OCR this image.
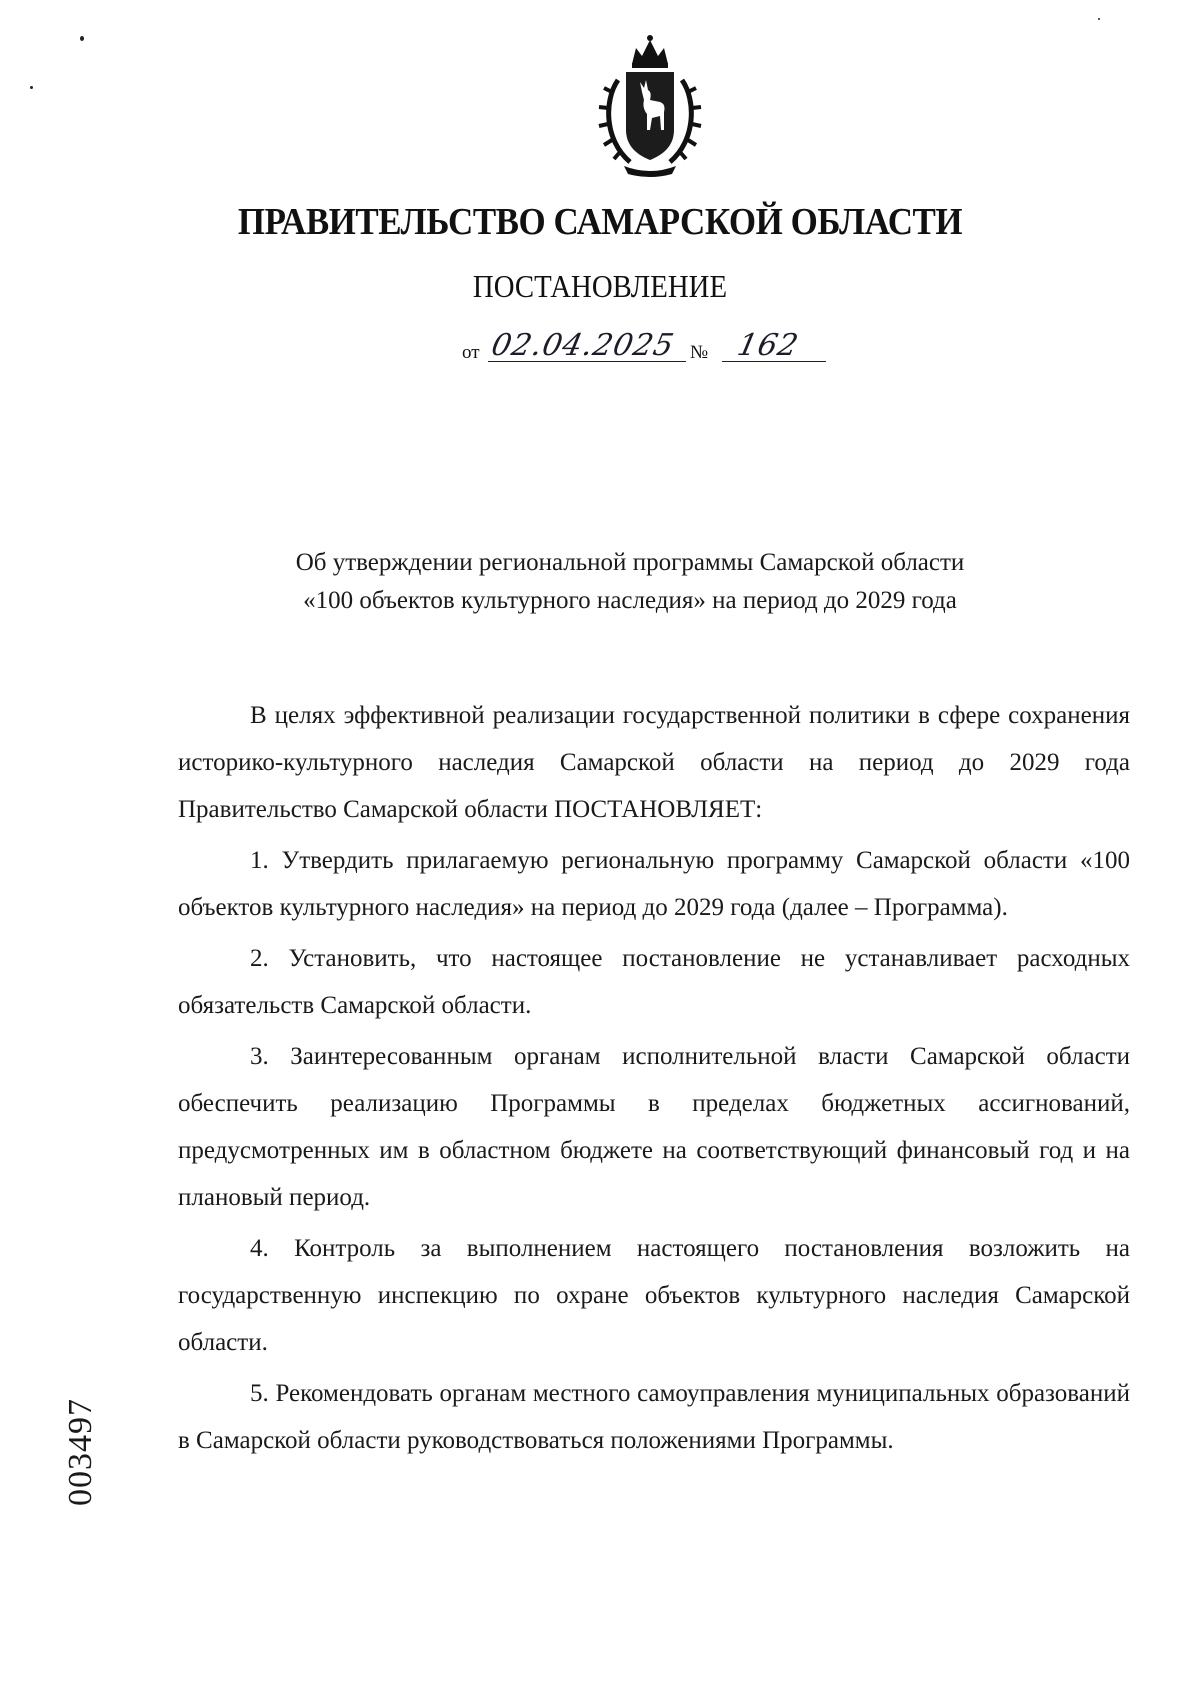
ПРАВИТЕЛЬСТВО САМАРСКОЙ ОБЛАСТИ
ПОСТАНОВЛЕНИЕ
от 02.04.2025 № 162
Об утверждении региональной программы Самарской области
«100 объектов культурного наследия» на период до 2029 года

В целях эффективной реализации государственной политики в сфере сохранения историко-культурного наследия Самарской области на период до 2029 года Правительство Самарской области ПОСТАНОВЛЯЕТ:

1. Утвердить прилагаемую региональную программу Самарской области «100 объектов культурного наследия» на период до 2029 года (далее – Программа).

2. Установить, что настоящее постановление не устанавливает расходных обязательств Самарской области.

3. Заинтересованным органам исполнительной власти Самарской области обеспечить реализацию Программы в пределах бюджетных ассигнований, предусмотренных им в областном бюджете на соответствующий финансовый год и на плановый период.

4. Контроль за выполнением настоящего постановления возложить на государственную инспекцию по охране объектов культурного наследия Самарской области.

5. Рекомендовать органам местного самоуправления муниципальных образований в Самарской области руководствоваться положениями Программы.

003497
